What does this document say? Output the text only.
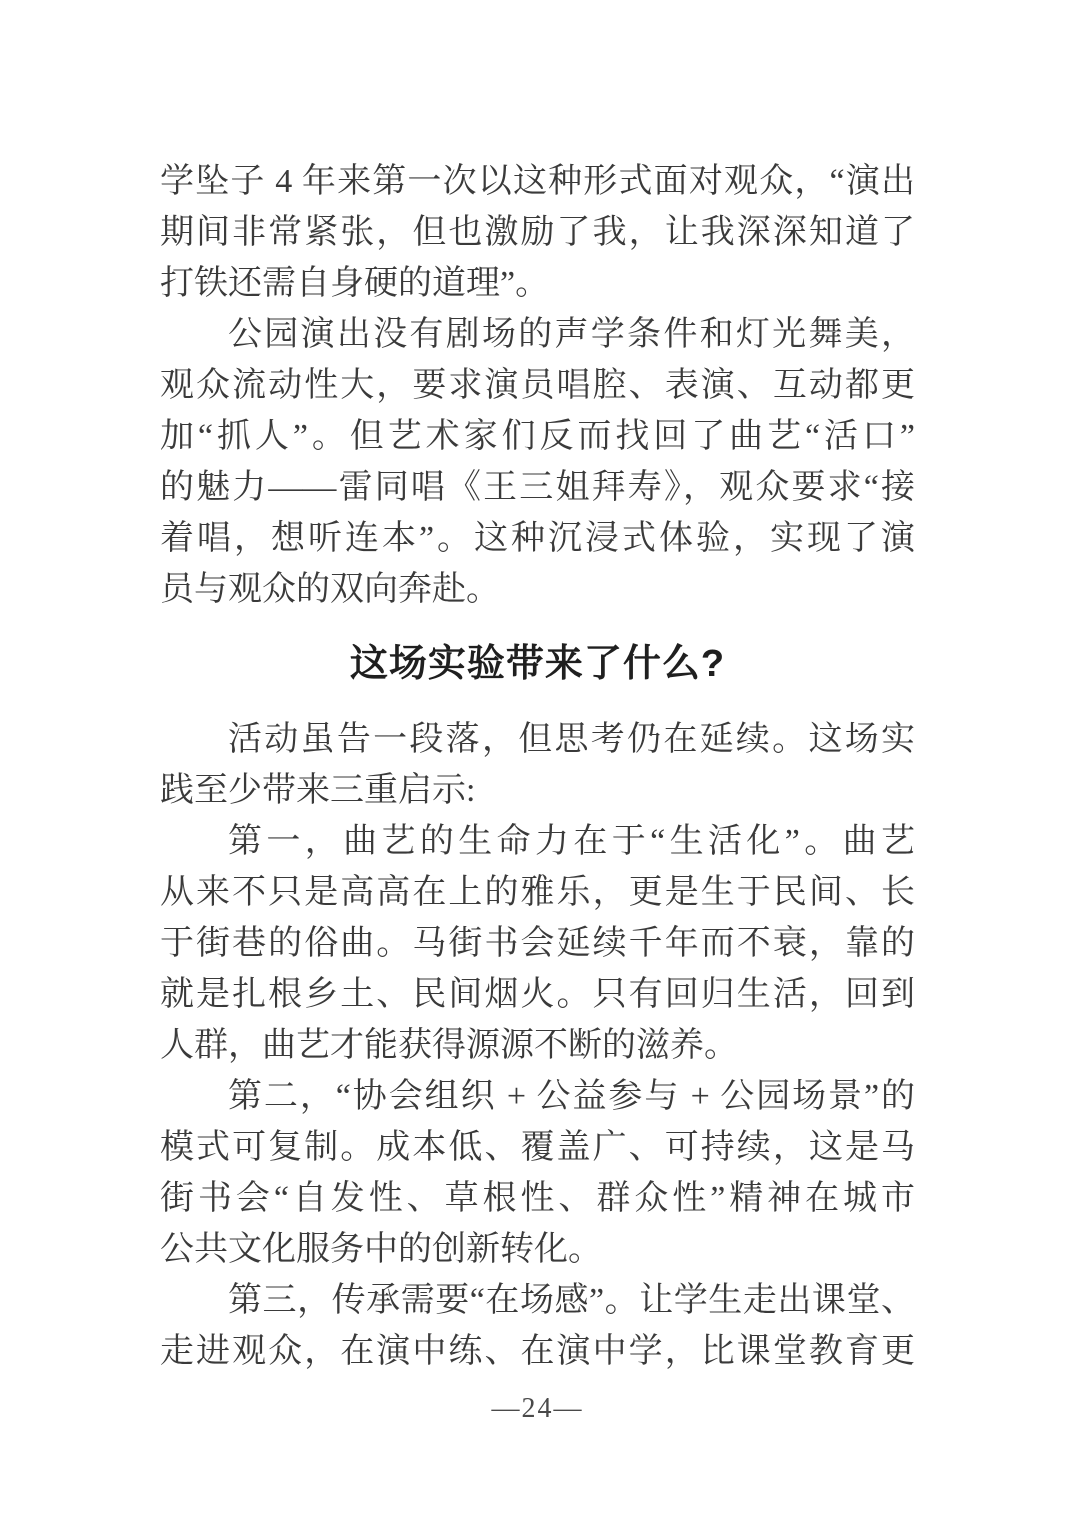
学坠子 4 年来第一次以这种形式面对观众，“演出

期间非常紧张，但也激励了我，让我深深知道了

打铁还需自身硬的道理”。

公园演出没有剧场的声学条件和灯光舞美，

观众流动性大，要求演员唱腔、表演、互动都更

加“抓人”。但艺术家们反而找回了曲艺“活口”

的魅力——雷同唱《王三姐拜寿》，观众要求“接

着唱，想听连本”。这种沉浸式体验，实现了演

员与观众的双向奔赴。

这场实验带来了什么?

活动虽告一段落，但思考仍在延续。这场实

践至少带来三重启示:

第一，曲艺的生命力在于“生活化”。曲艺

从来不只是高高在上的雅乐，更是生于民间、长

于街巷的俗曲。马街书会延续千年而不衰，靠的

就是扎根乡土、民间烟火。只有回归生活，回到

人群，曲艺才能获得源源不断的滋养。

第二，“协会组织 + 公益参与 + 公园场景”的

模式可复制。成本低、覆盖广、可持续，这是马

街书会“自发性、草根性、群众性”精神在城市

公共文化服务中的创新转化。

第三，传承需要“在场感”。让学生走出课堂、

走进观众，在演中练、在演中学，比课堂教育更

—24—
